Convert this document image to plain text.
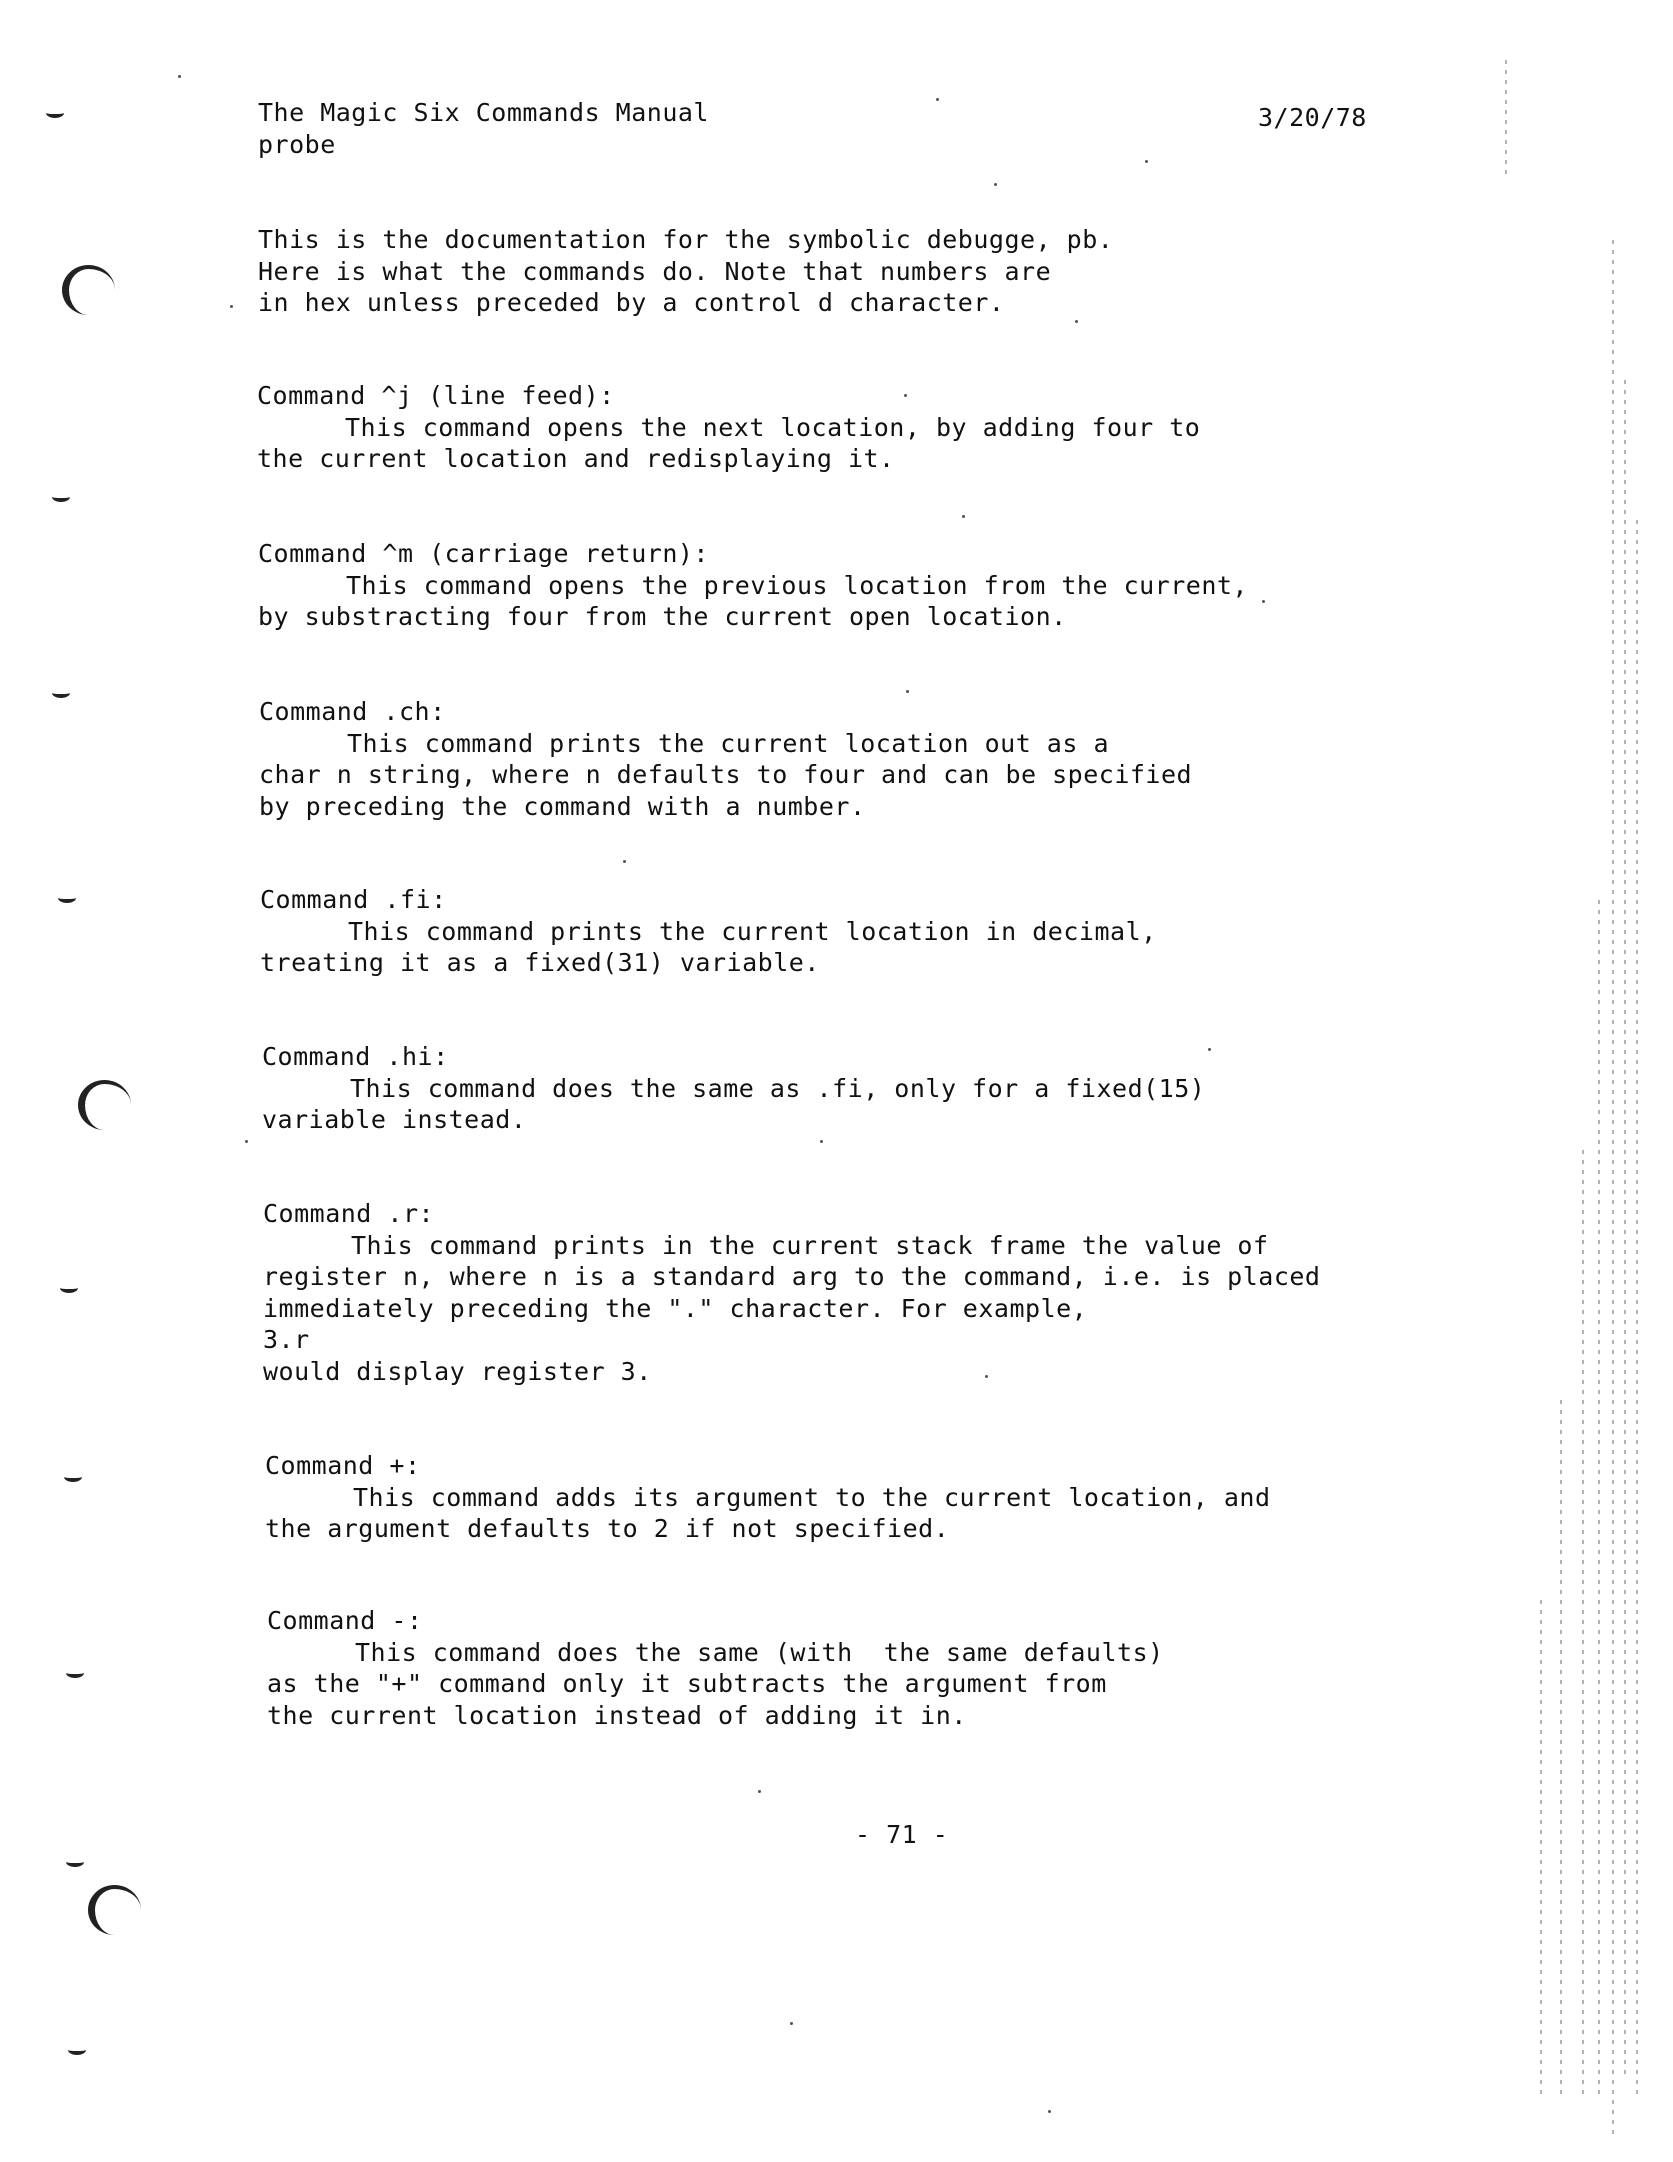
The Magic Six Commands Manual
probe
3/20/78
This is the documentation for the symbolic debugge, pb.
Here is what the commands do. Note that numbers are
in hex unless preceded by a control d character.
Command ^j (line feed):
This command opens the next location, by adding four to
the current location and redisplaying it.
Command ^m (carriage return):
This command opens the previous location from the current,
by substracting four from the current open location.
Command .ch:
This command prints the current location out as a
char n string, where n defaults to four and can be specified
by preceding the command with a number.
Command .fi:
This command prints the current location in decimal,
treating it as a fixed(31) variable.
Command .hi:
This command does the same as .fi, only for a fixed(15)
variable instead.
Command .r:
This command prints in the current stack frame the value of
register n, where n is a standard arg to the command, i.e. is placed
immediately preceding the "." character. For example,
3.r
would display register 3.
Command +:
This command adds its argument to the current location, and
the argument defaults to 2 if not specified.
Command -:
This command does the same (with  the same defaults)
as the "+" command only it subtracts the argument from
the current location instead of adding it in.
- 71 -
